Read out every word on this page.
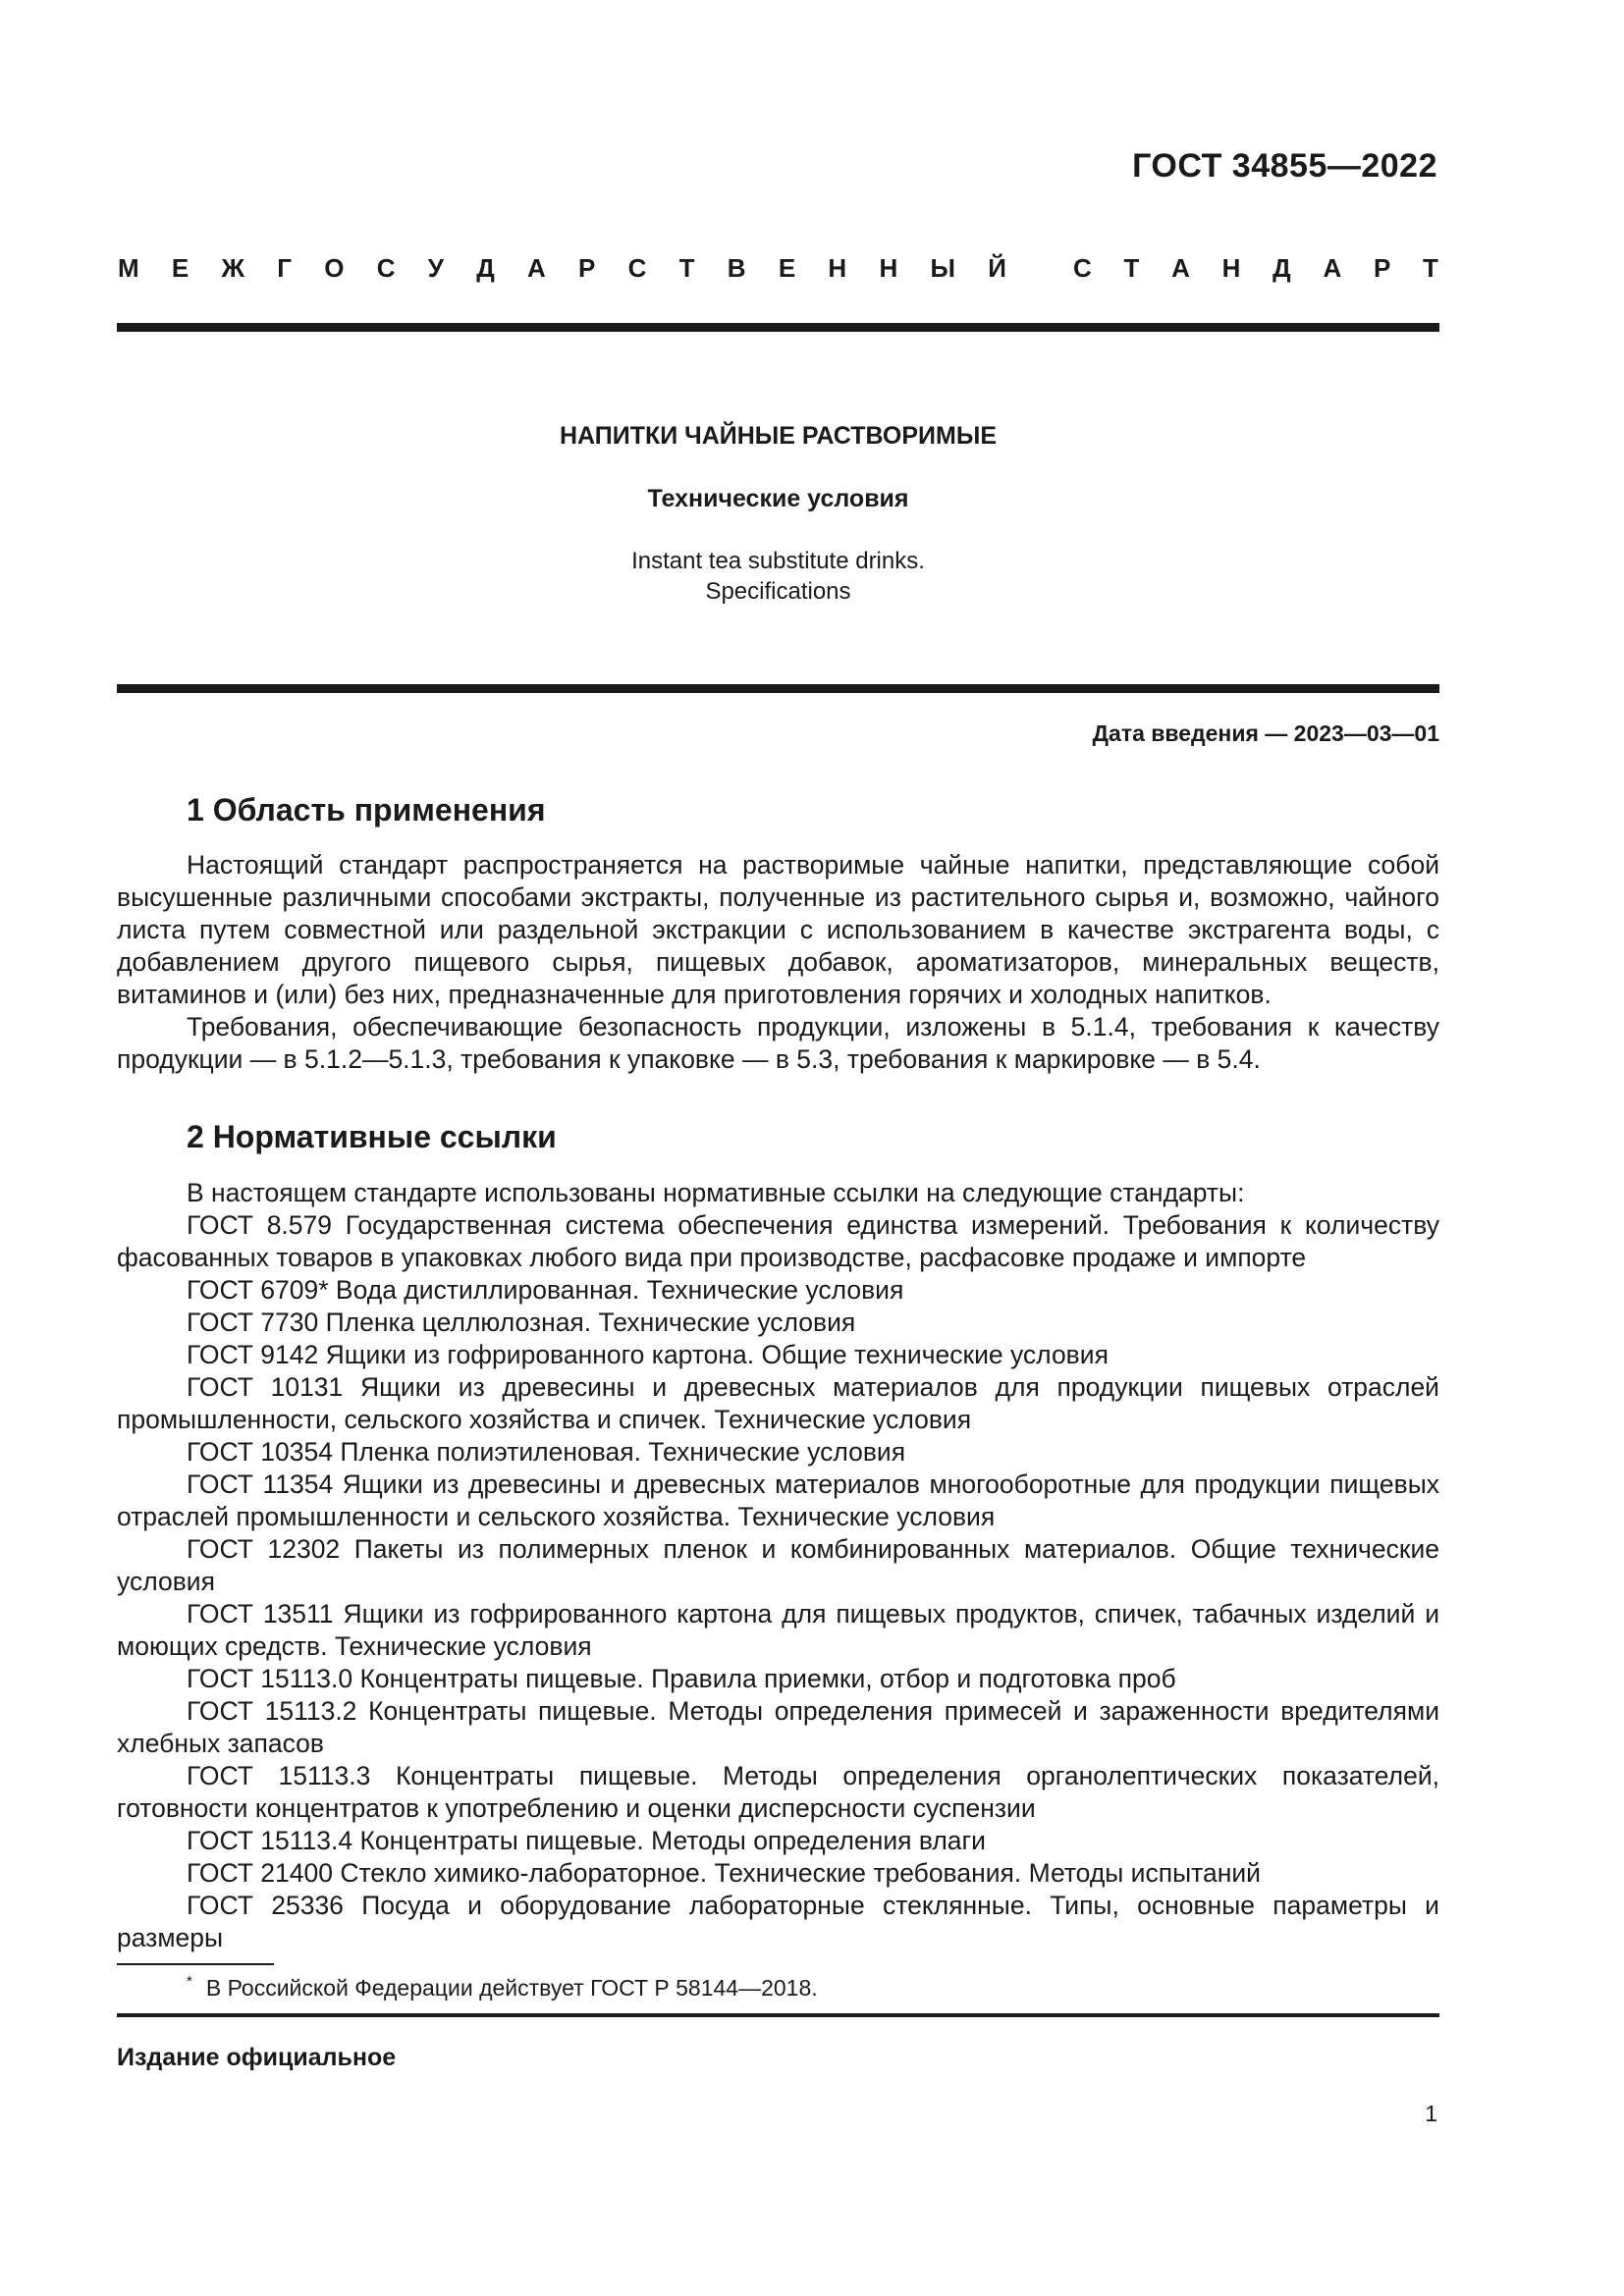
ГОСТ 34855—2022
М Е Ж Г О С У Д А Р С Т В Е Н Н Ы Й	С Т А Н Д А Р Т
НАПИТКИ ЧАЙНЫЕ РАСТВОРИМЫЕ
Технические условия
Instant tea substitute drinks.
Specifications
Дата введения — 2023—03—01
1 Область применения

Настоящий стандарт распространяется на растворимые чайные напитки, представляющие собой высушенные различными способами экстракты, полученные из растительного сырья и, возможно, чайного листа путем совместной или раздельной экстракции с использованием в качестве экстрагента воды, с добавлением другого пищевого сырья, пищевых добавок, ароматизаторов, минеральных веществ, витаминов и (или) без них, предназначенные для приготовления горячих и холодных напитков.

Требования, обеспечивающие безопасность продукции, изложены в 5.1.4, требования к качеству продукции — в 5.1.2—5.1.3, требования к упаковке — в 5.3, требования к маркировке — в 5.4.

2 Нормативные ссылки

В настоящем стандарте использованы нормативные ссылки на следующие стандарты:

ГОСТ 8.579 Государственная система обеспечения единства измерений. Требования к количеству фасованных товаров в упаковках любого вида при производстве, расфасовке продаже и импорте

ГОСТ 6709* Вода дистиллированная. Технические условия

ГОСТ 7730 Пленка целлюлозная. Технические условия

ГОСТ 9142 Ящики из гофрированного картона. Общие технические условия

ГОСТ 10131 Ящики из древесины и древесных материалов для продукции пищевых отраслей промышленности, сельского хозяйства и спичек. Технические условия

ГОСТ 10354 Пленка полиэтиленовая. Технические условия

ГОСТ 11354 Ящики из древесины и древесных материалов многооборотные для продукции пищевых отраслей промышленности и сельского хозяйства. Технические условия

ГОСТ 12302 Пакеты из полимерных пленок и комбинированных материалов. Общие технические условия

ГОСТ 13511 Ящики из гофрированного картона для пищевых продуктов, спичек, табачных изделий и моющих средств. Технические условия

ГОСТ 15113.0 Концентраты пищевые. Правила приемки, отбор и подготовка проб

ГОСТ 15113.2 Концентраты пищевые. Методы определения примесей и зараженности вредителями хлебных запасов

ГОСТ 15113.3 Концентраты пищевые. Методы определения органолептических показателей, готовности концентратов к употреблению и оценки дисперсности суспензии

ГОСТ 15113.4 Концентраты пищевые. Методы определения влаги

ГОСТ 21400 Стекло химико-лабораторное. Технические требования. Методы испытаний

ГОСТ 25336 Посуда и оборудование лабораторные стеклянные. Типы, основные параметры и размеры

* В Российской Федерации действует ГОСТ Р 58144—2018.
Издание официальное
1
